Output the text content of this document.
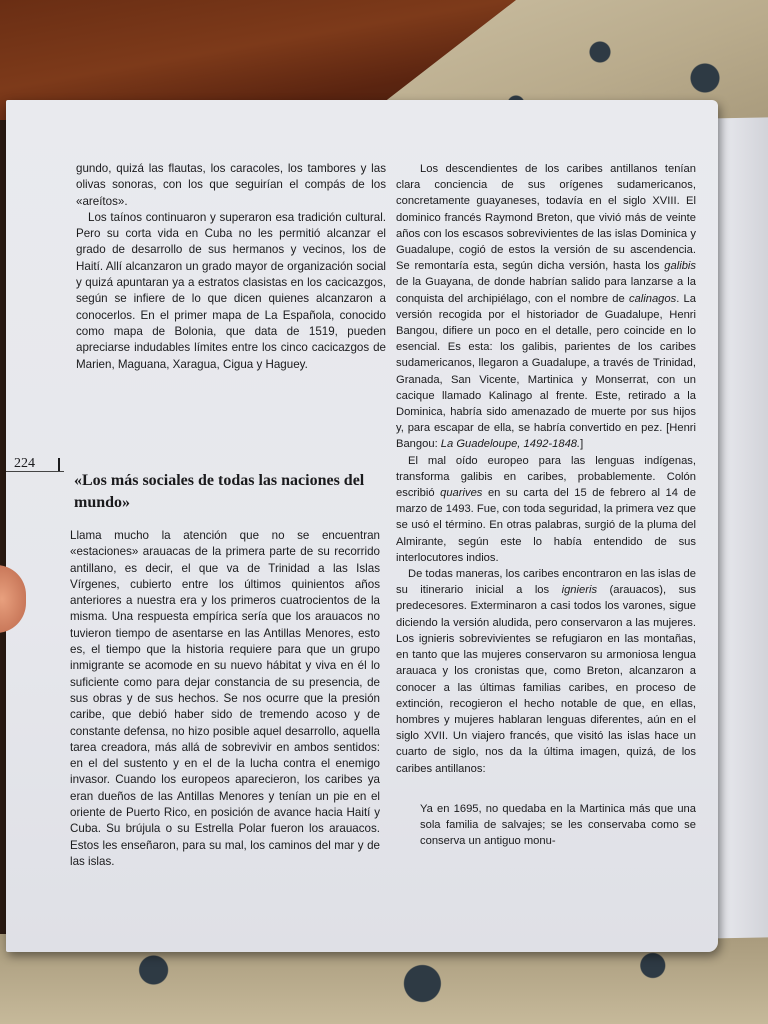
gundo, quizá las flautas, los caracoles, los tambores y las olivas sonoras, con los que seguirían el compás de los «areítos».

Los taínos continuaron y superaron esa tradición cultural. Pero su corta vida en Cuba no les permitió alcanzar el grado de desarrollo de sus hermanos y vecinos, los de Haití. Allí alcanzaron un grado mayor de organización social y quizá apuntaran ya a estratos clasistas en los cacicazgos, según se infiere de lo que dicen quienes alcanzaron a conocerlos. En el primer mapa de La Española, conocido como mapa de Bolonia, que data de 1519, pueden apreciarse indudables límites entre los cinco cacicazgos de Marien, Maguana, Xaragua, Cigua y Haguey.

224
«Los más sociales de todas las naciones del mundo»

Llama mucho la atención que no se encuentran «estaciones» arauacas de la primera parte de su recorrido antillano, es decir, el que va de Trinidad a las Islas Vírgenes, cubierto entre los últimos quinientos años anteriores a nuestra era y los primeros cuatrocientos de la misma. Una respuesta empírica sería que los arauacos no tuvieron tiempo de asentarse en las Antillas Menores, esto es, el tiempo que la historia requiere para que un grupo inmigrante se acomode en su nuevo hábitat y viva en él lo suficiente como para dejar constancia de su presencia, de sus obras y de sus hechos. Se nos ocurre que la presión caribe, que debió haber sido de tremendo acoso y de constante defensa, no hizo posible aquel desarrollo, aquella tarea creadora, más allá de sobrevivir en ambos sentidos: en el del sustento y en el de la lucha contra el enemigo invasor. Cuando los europeos aparecieron, los caribes ya eran dueños de las Antillas Menores y tenían un pie en el oriente de Puerto Rico, en posición de avance hacia Haití y Cuba. Su brújula o su Estrella Polar fueron los arauacos. Estos les enseñaron, para su mal, los caminos del mar y de las islas.

Los descendientes de los caribes antillanos tenían clara conciencia de sus orígenes sudamericanos, concretamente guayaneses, todavía en el siglo XVIII. El dominico francés Raymond Breton, que vivió más de veinte años con los escasos sobrevivientes de las islas Dominica y Guadalupe, cogió de estos la versión de su ascendencia. Se remontaría esta, según dicha versión, hasta los galibis de la Guayana, de donde habrían salido para lanzarse a la conquista del archipiélago, con el nombre de calinagos. La versión recogida por el historiador de Guadalupe, Henri Bangou, difiere un poco en el detalle, pero coincide en lo esencial. Es esta: los galibis, parientes de los caribes sudamericanos, llegaron a Guadalupe, a través de Trinidad, Granada, San Vicente, Martinica y Monserrat, con un cacique llamado Kalinago al frente. Este, retirado a la Dominica, habría sido amenazado de muerte por sus hijos y, para escapar de ella, se habría convertido en pez. [Henri Bangou: La Guadeloupe, 1492-1848.]

El mal oído europeo para las lenguas indígenas, transforma galibis en caribes, probablemente. Colón escribió quarives en su carta del 15 de febrero al 14 de marzo de 1493. Fue, con toda seguridad, la primera vez que se usó el término. En otras palabras, surgió de la pluma del Almirante, según este lo había entendido de sus interlocutores indios.

De todas maneras, los caribes encontraron en las islas de su itinerario inicial a los ignieris (arauacos), sus predecesores. Exterminaron a casi todos los varones, sigue diciendo la versión aludida, pero conservaron a las mujeres. Los ignieris sobrevivientes se refugiaron en las montañas, en tanto que las mujeres conservaron su armoniosa lengua arauaca y los cronistas que, como Breton, alcanzaron a conocer a las últimas familias caribes, en proceso de extinción, recogieron el hecho notable de que, en ellas, hombres y mujeres hablaran lenguas diferentes, aún en el siglo XVII. Un viajero francés, que visitó las islas hace un cuarto de siglo, nos da la última imagen, quizá, de los caribes antillanos:

Ya en 1695, no quedaba en la Martinica más que una sola familia de salvajes; se les conservaba como se conserva un antiguo monu-
